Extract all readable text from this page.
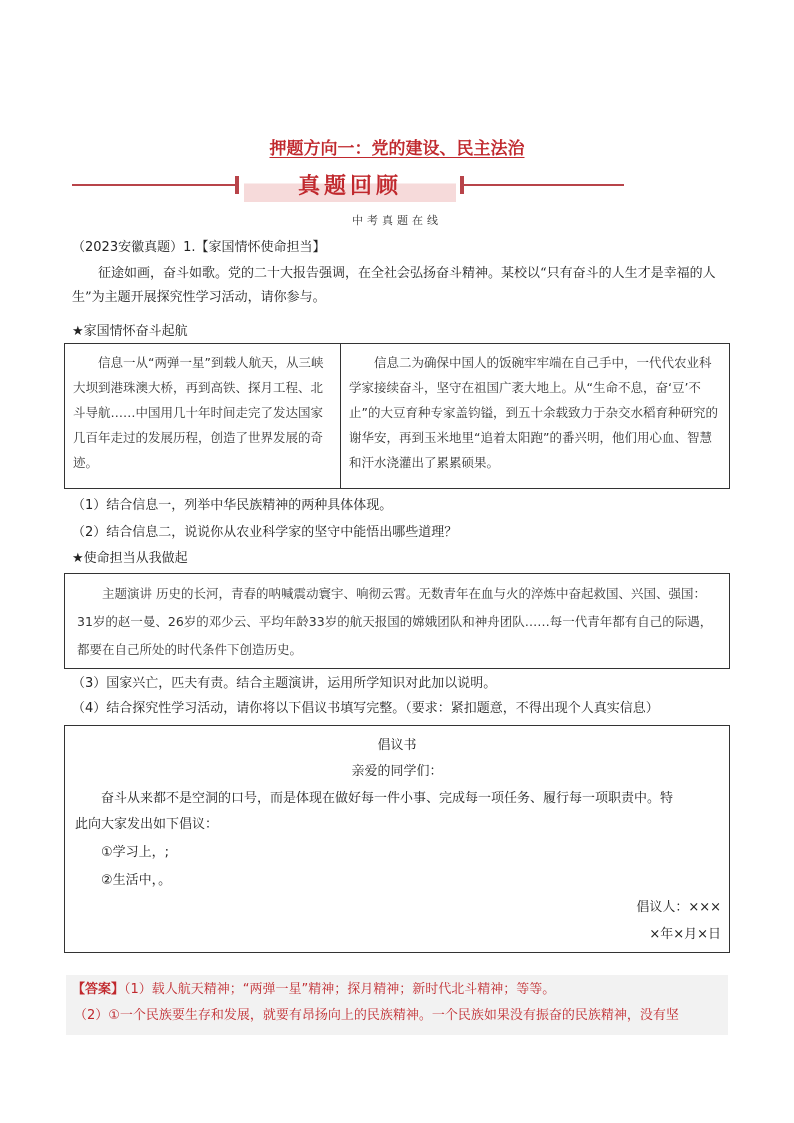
押题方向一：党的建设、民主法治
真题回顾
中考真题在线
（2023安徽真题）1.【家国情怀使命担当】
征途如画，奋斗如歌。党的二十大报告强调，在全社会弘扬奋斗精神。某校以“只有奋斗的人生才是幸福的人生”为主题开展探究性学习活动，请你参与。
★家国情怀奋斗起航
信息一从“两弹一星”到载人航天，从三峡大坝到港珠澳大桥，再到高铁、探月工程、北斗导航……中国用几十年时间走完了发达国家几百年走过的发展历程，创造了世界发展的奇迹。
信息二为确保中国人的饭碗牢牢端在自己手中，一代代农业科学家接续奋斗，坚守在祖国广袤大地上。从“生命不息，奋‘豆’不止”的大豆育种专家盖钧镒，到五十余载致力于杂交水稻育种研究的谢华安，再到玉米地里“追着太阳跑”的番兴明，他们用心血、智慧和汗水浇灌出了累累硕果。
（1）结合信息一，列举中华民族精神的两种具体体现。
（2）结合信息二，说说你从农业科学家的坚守中能悟出哪些道理？
★使命担当从我做起
主题演讲 历史的长河，青春的呐喊震动寰宇、响彻云霄。无数青年在血与火的淬炼中奋起救国、兴国、强国：31岁的赵一曼、26岁的邓少云、平均年龄33岁的航天报国的嫦娥团队和神舟团队……每一代青年都有自己的际遇，都要在自己所处的时代条件下创造历史。
（3）国家兴亡，匹夫有责。结合主题演讲，运用所学知识对此加以说明。
（4）结合探究性学习活动，请你将以下倡议书填写完整。（要求：紧扣题意，不得出现个人真实信息）
倡议书
亲爱的同学们：
奋斗从来都不是空洞的口号，而是体现在做好每一件小事、完成每一项任务、履行每一项职责中。特
此向大家发出如下倡议：
①学习上，;
②生活中，。
倡议人：×××
×年×月×日
【答案】（1）载人航天精神；“两弹一星”精神；探月精神；新时代北斗精神；等等。
（2）①一个民族要生存和发展，就要有昂扬向上的民族精神。一个民族如果没有振奋的民族精神，没有坚
